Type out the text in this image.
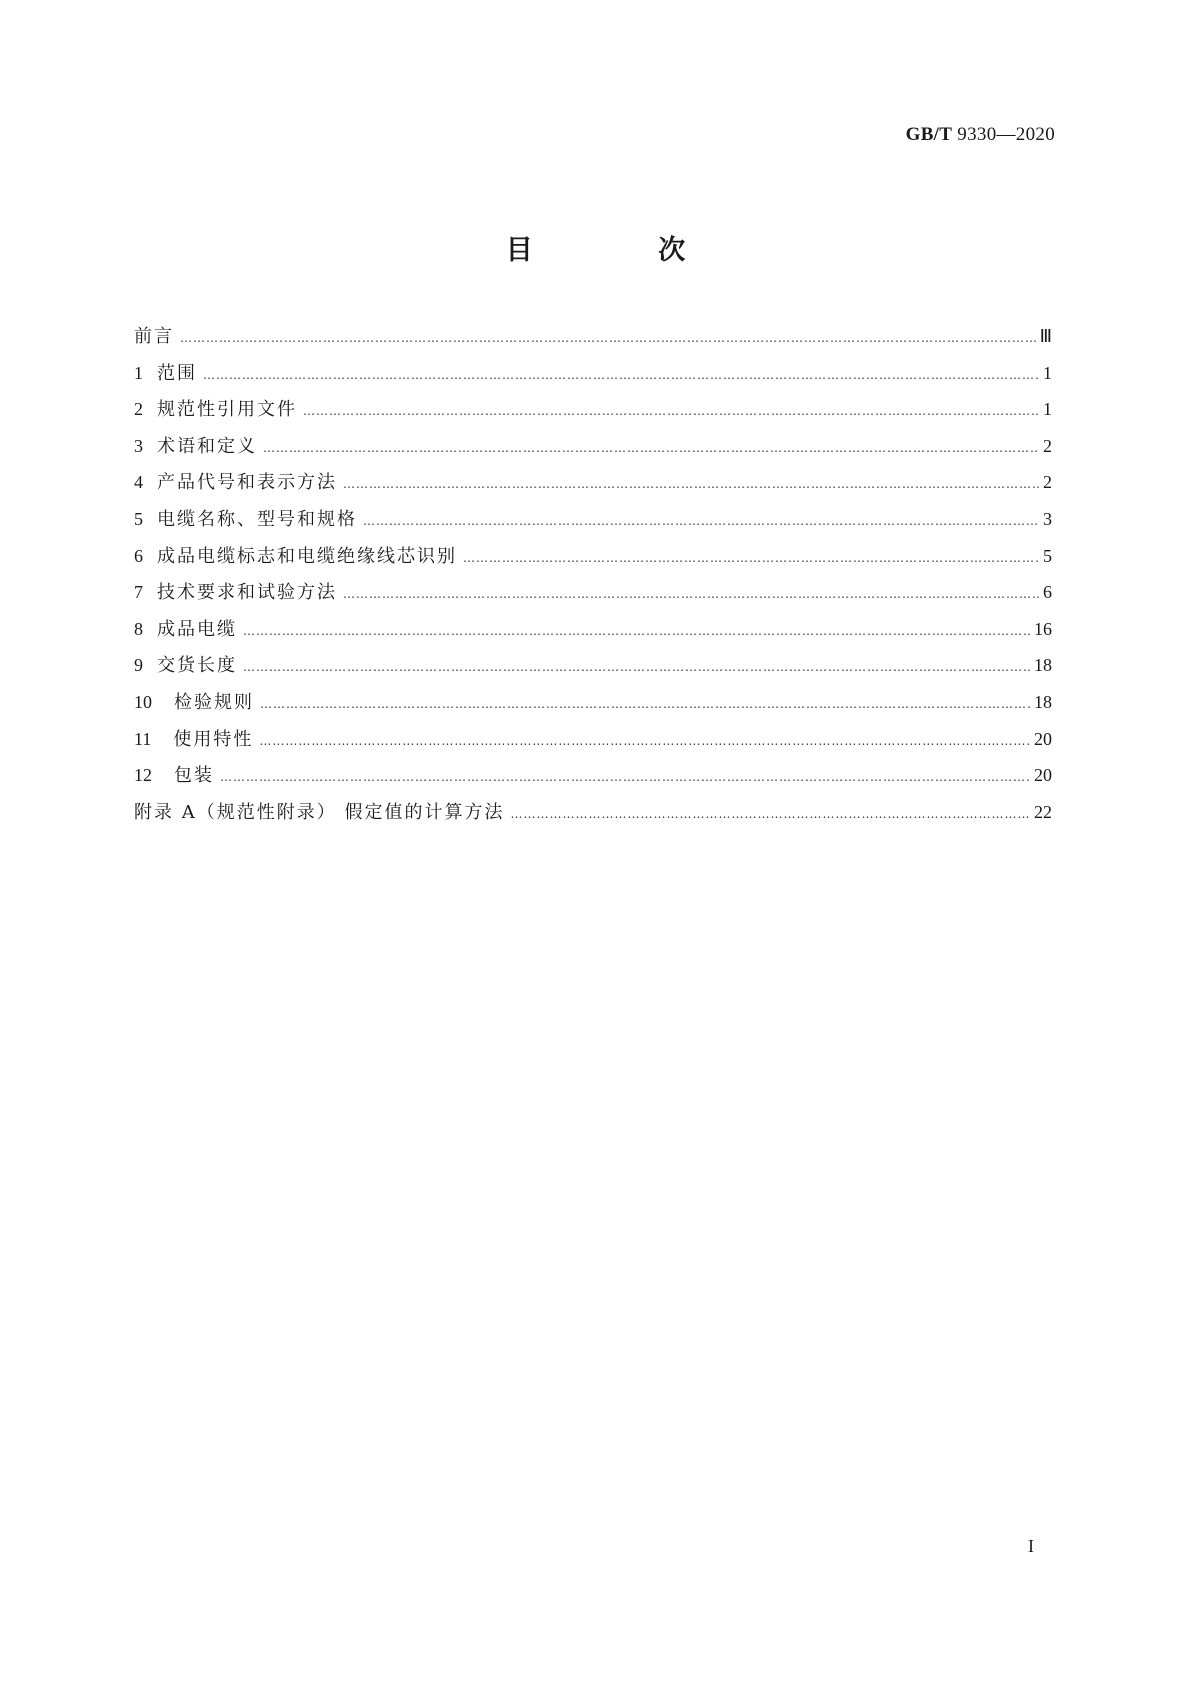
GB/T 9330—2020
目 次
前言 ……………………………………………………………………………………………………………………………………………………………………………………………………………………………………………………………	Ⅲ
1 范围 ……………………………………………………………………………………………………………………………………………………………………………………………………………………………………………………………	1
2 规范性引用文件 ……………………………………………………………………………………………………………………………………………………………………………………………………………………………………………………………	1
3 术语和定义 ……………………………………………………………………………………………………………………………………………………………………………………………………………………………………………………………	2
4 产品代号和表示方法 ……………………………………………………………………………………………………………………………………………………………………………………………………………………………………………………………	2
5 电缆名称、型号和规格 ……………………………………………………………………………………………………………………………………………………………………………………………………………………………………………………………	3
6 成品电缆标志和电缆绝缘线芯识别 ……………………………………………………………………………………………………………………………………………………………………………………………………………………………………………………………	5
7 技术要求和试验方法 ……………………………………………………………………………………………………………………………………………………………………………………………………………………………………………………………	6
8 成品电缆 ……………………………………………………………………………………………………………………………………………………………………………………………………………………………………………………………	16
9 交货长度 ……………………………………………………………………………………………………………………………………………………………………………………………………………………………………………………………	18
10	检验规则 ……………………………………………………………………………………………………………………………………………………………………………………………………………………………………………………………	18
11	使用特性 ……………………………………………………………………………………………………………………………………………………………………………………………………………………………………………………………	20
12	包装 ……………………………………………………………………………………………………………………………………………………………………………………………………………………………………………………………	20
附录 A（规范性附录） 假定值的计算方法 ……………………………………………………………………………………………………………………………………………………………………………………………………………………………………………………………	22
I
